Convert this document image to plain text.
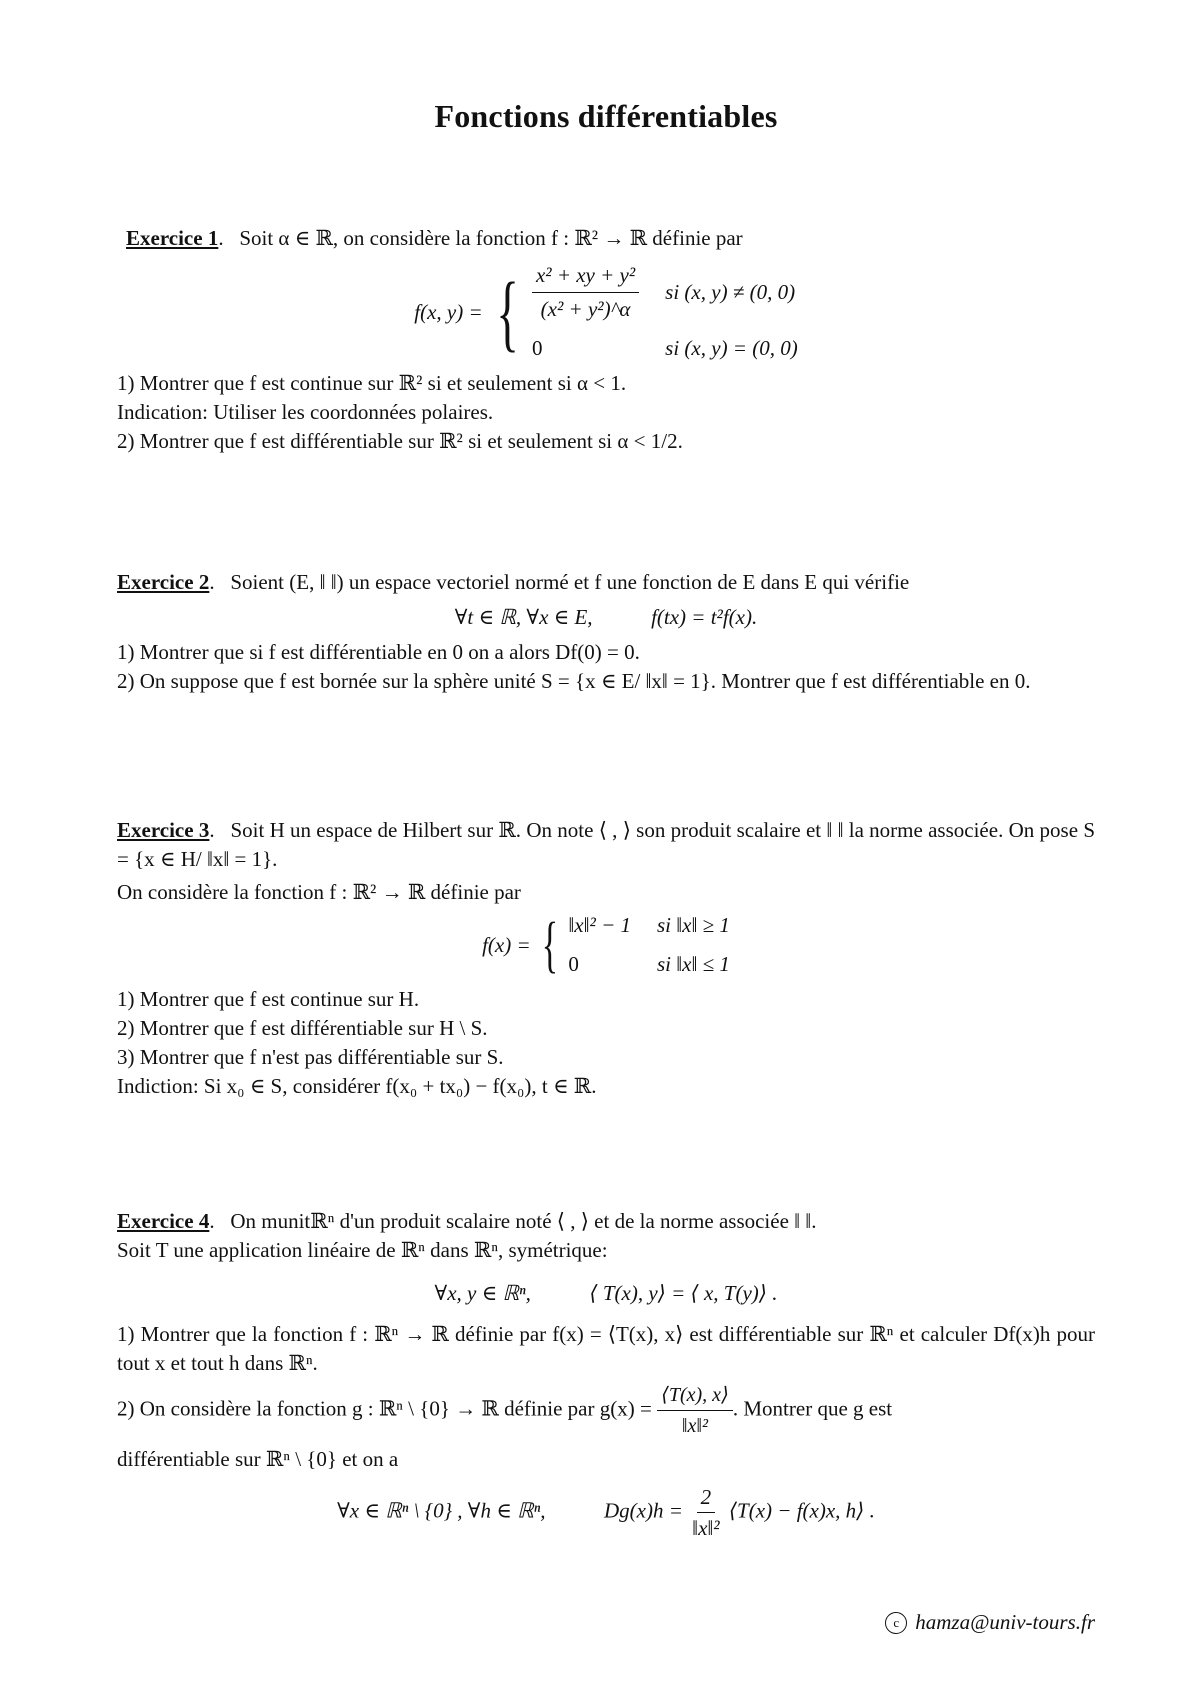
Fonctions différentiables

Exercice 1.   Soit α ∈ ℝ, on considère la fonction f : ℝ² → ℝ définie par

f(x, y) = { $\frac{\text{x² + xy + y²}}{\text{(x² + y²)\textasciicircum{}α}}$ si (x, y) ≠ (0, 0)
0	si (x, y) = (0, 0)

1) Montrer que f est continue sur ℝ² si et seulement si α < 1.

Indication: Utiliser les coordonnées polaires.

2) Montrer que f est différentiable sur ℝ² si et seulement si α < 1/2.

Exercice 2.   Soient (E, ‖ ‖) un espace vectoriel normé et f une fonction de E dans E qui vérifie

∀t ∈ ℝ, ∀x ∈ E,	f(tx) = t²f(x).

1) Montrer que si f est différentiable en 0 on a alors Df(0) = 0.

2) On suppose que f est bornée sur la sphère unité S = {x ∈ E/ ‖x‖ = 1}. Montrer que f est différentiable en 0.

Exercice 3.   Soit H un espace de Hilbert sur ℝ. On note ⟨ , ⟩ son produit scalaire et ‖ ‖ la norme associée. On pose S = {x ∈ H/ ‖x‖ = 1}.

On considère la fonction f : ℝ² → ℝ définie par

f(x) = { ‖x‖² − 1 si ‖x‖ ≥ 1
0	si ‖x‖ ≤ 1

1) Montrer que f est continue sur H.

2) Montrer que f est différentiable sur H \ S.

3) Montrer que f n'est pas différentiable sur S.

Indiction: Si x₀ ∈ S, considérer f(x₀ + tx₀) − f(x₀), t ∈ ℝ.

Exercice 4.   On munitℝⁿ d'un produit scalaire noté ⟨ , ⟩ et de la norme associée ‖ ‖.

Soit T une application linéaire de ℝⁿ dans ℝⁿ, symétrique:

∀x, y ∈ ℝⁿ,	⟨ T(x), y⟩ = ⟨ x, T(y)⟩ .

1) Montrer que la fonction f : ℝⁿ → ℝ définie par f(x) = ⟨T(x), x⟩ est différentiable sur ℝⁿ et calculer Df(x)h pour tout x et tout h dans ℝⁿ.

2) On considère la fonction g : ℝⁿ \ {0} → ℝ définie par $g(x) = \frac{⟨T(x), x⟩}{\text{‖x‖²}}$ . Montrer que g est

différentiable sur ℝⁿ \ {0} et on a

∀x ∈ ℝⁿ \ {0} , ∀h ∈ ℝⁿ,	$Dg(x)h = \frac{2}{\text{‖x‖²}}$ ⟨T(x) − f(x)x, h⟩ .
c hamza@univ-tours.fr
